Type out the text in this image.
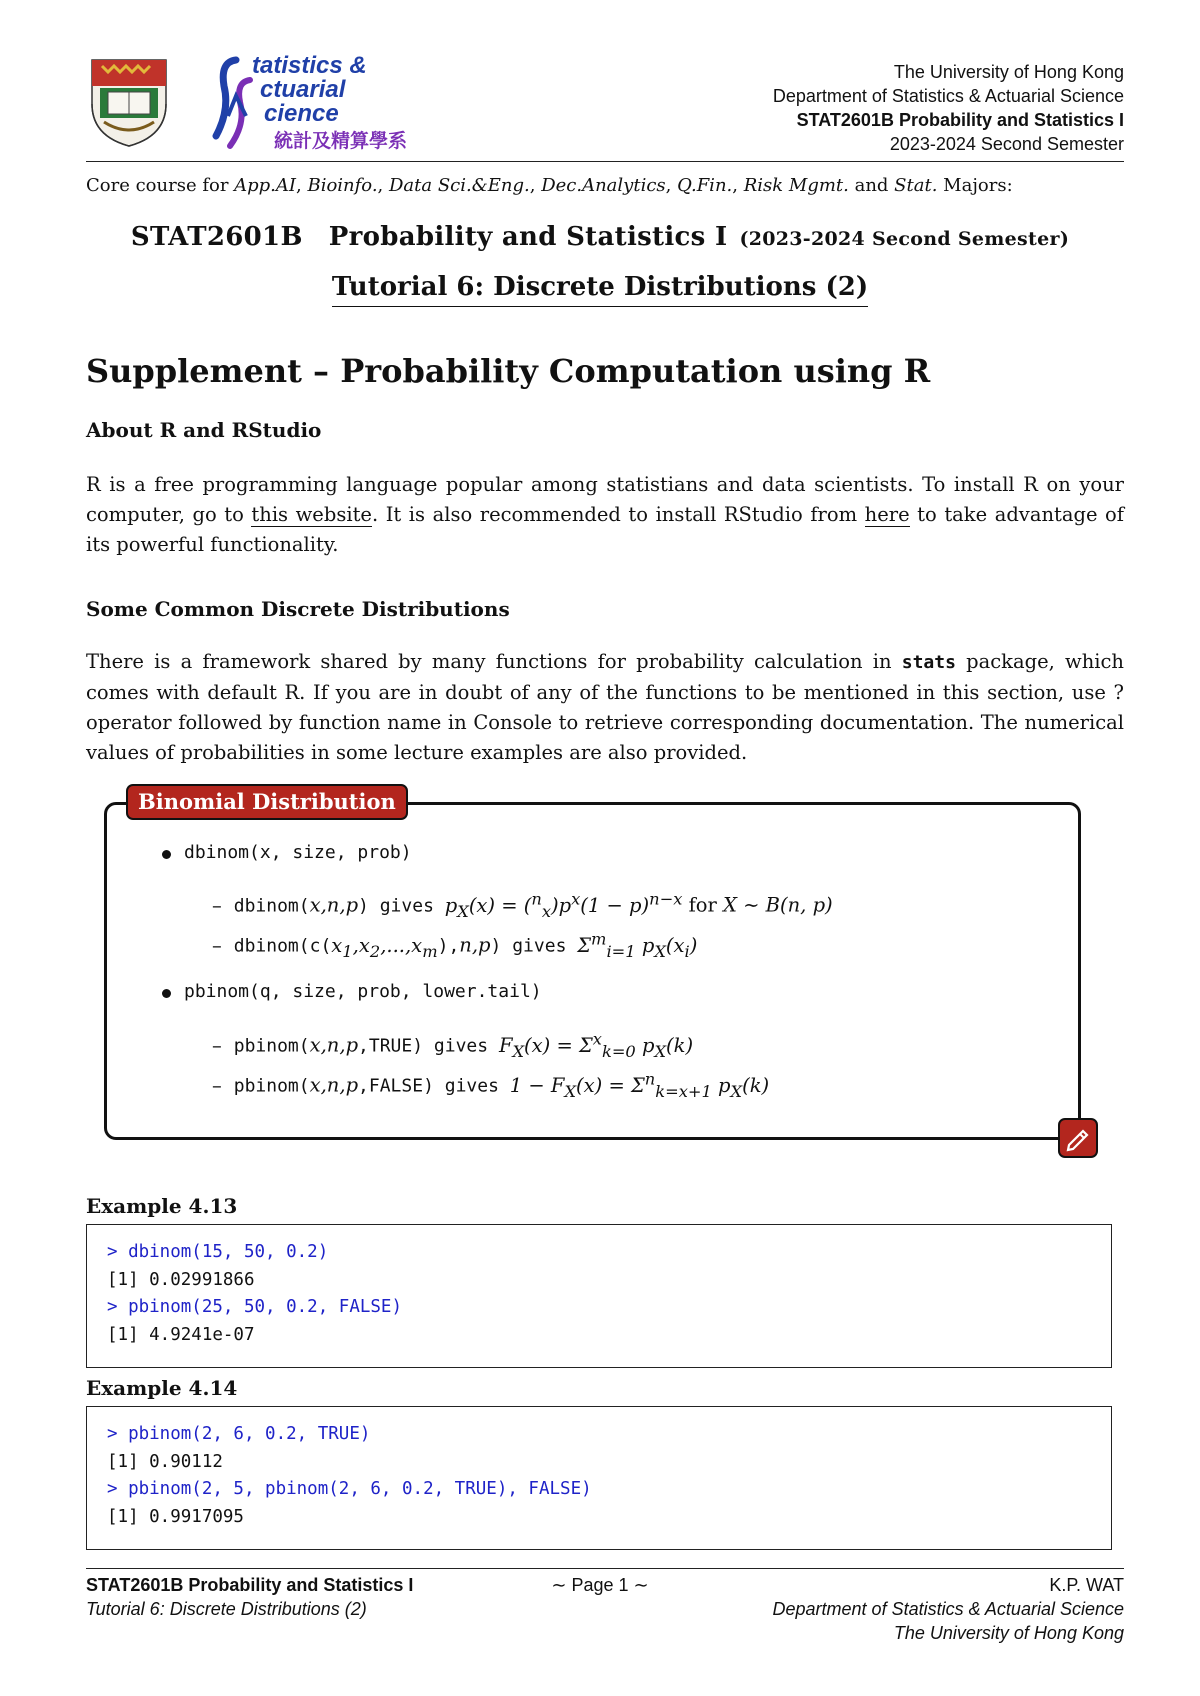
tatistics &
ctuarial
cience
統計及精算學系
The University of Hong Kong
Department of Statistics & Actuarial Science
STAT2601B Probability and Statistics I
2023-2024 Second Semester
Core course for App.AI, Bioinfo., Data Sci.&Eng., Dec.Analytics, Q.Fin., Risk Mgmt. and Stat. Majors:
STAT2601B Probability and Statistics I (2023-2024 Second Semester)
Tutorial 6: Discrete Distributions (2)
Supplement – Probability Computation using R
About R and RStudio
R is a free programming language popular among statistians and data scientists. To install R on your computer, go to this website. It is also recommended to install RStudio from here to take advantage of its powerful functionality.
Some Common Discrete Distributions
There is a framework shared by many functions for probability calculation in stats package, which comes with default R. If you are in doubt of any of the functions to be mentioned in this section, use ? operator followed by function name in Console to retrieve corresponding documentation. The numerical values of probabilities in some lecture examples are also provided.
Binomial Distribution
dbinom(x, size, prob)
– dbinom(x,n,p) gives $p_X(x) = (^n_x)p^x(1 - p)^{n-x}$ for X ∼ B(n, p)
– $dbinom(c(x_1,x_2,...,x_m),n,p)$ gives $\Sigma^m_{i=1}$ $p_X(x_i)$
pbinom(q, size, prob, lower.tail)
– pbinom(x,n,p,TRUE) gives $F_X(x) = \Sigma^x_{k=0}$ $p_X(k)$
– pbinom(x,n,p,FALSE) gives $1 - F_X(x) = \Sigma^n_{k=x+1}$ $p_X(k)$
Example 4.13
> dbinom(15, 50, 0.2)
[1] 0.02991866
> pbinom(25, 50, 0.2, FALSE)
[1] 4.9241e-07
Example 4.14
> pbinom(2, 6, 0.2, TRUE)
[1] 0.90112
> pbinom(2, 5, pbinom(2, 6, 0.2, TRUE), FALSE)
[1] 0.9917095
STAT2601B Probability and Statistics I
Tutorial 6: Discrete Distributions (2)
∼ Page 1 ∼	K.P. WAT
Department of Statistics & Actuarial Science
The University of Hong Kong
